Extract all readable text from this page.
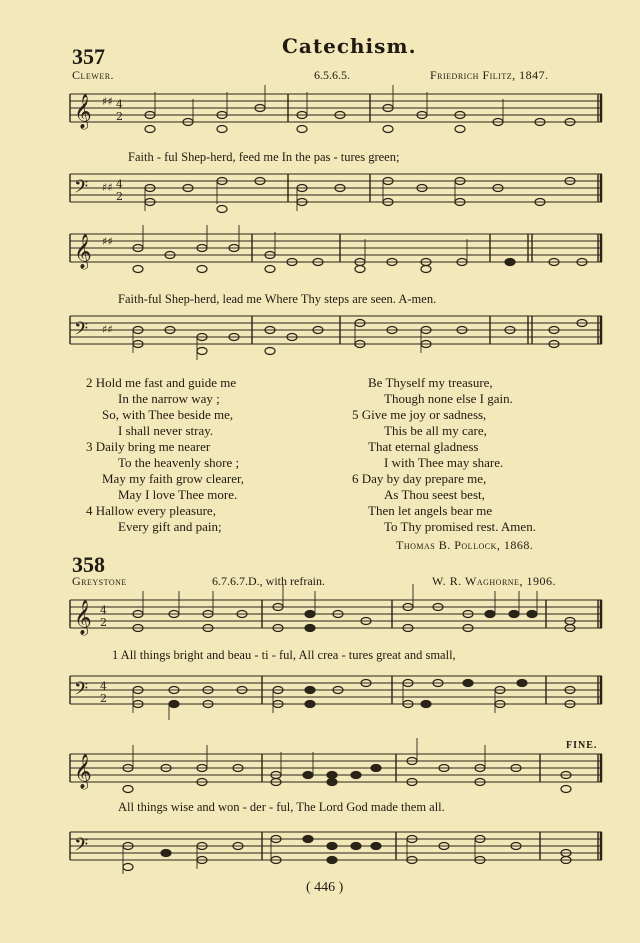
357	Catechism.
Clewer.	6.5.6.5.	Friedrich Filitz, 1847.
𝄞 ♯♯ 4
2
Faith - ful Shep-herd, feed me In the pas - tures green;
𝄢 ♯♯ 4
2
𝄞 ♯♯
Faith-ful Shep-herd, lead me Where Thy steps are seen. A-men.
𝄢 ♯♯
2 Hold me fast and guide me
In the narrow way ;
So, with Thee beside me,
I shall never stray.
3 Daily bring me nearer
To the heavenly shore ;
May my faith grow clearer,
May I love Thee more.
4 Hallow every pleasure,
Every gift and pain;
Be Thyself my treasure,
Though none else I gain.
5 Give me joy or sadness,
This be all my care,
That eternal gladness
I with Thee may share.
6 Day by day prepare me,
As Thou seest best,
Then let angels bear me
To Thy promised rest. Amen.
Thomas B. Pollock, 1868.
358
Greystone	6.7.6.7.D., with refrain.	W. R. Waghorne, 1906.
𝄞 4
2
1 All things bright and beau - ti - ful, All crea - tures great and small,
𝄢 4
2
FINE.
𝄞
All things wise and won - der - ful, The Lord God made them all.
𝄢
( 446 )
